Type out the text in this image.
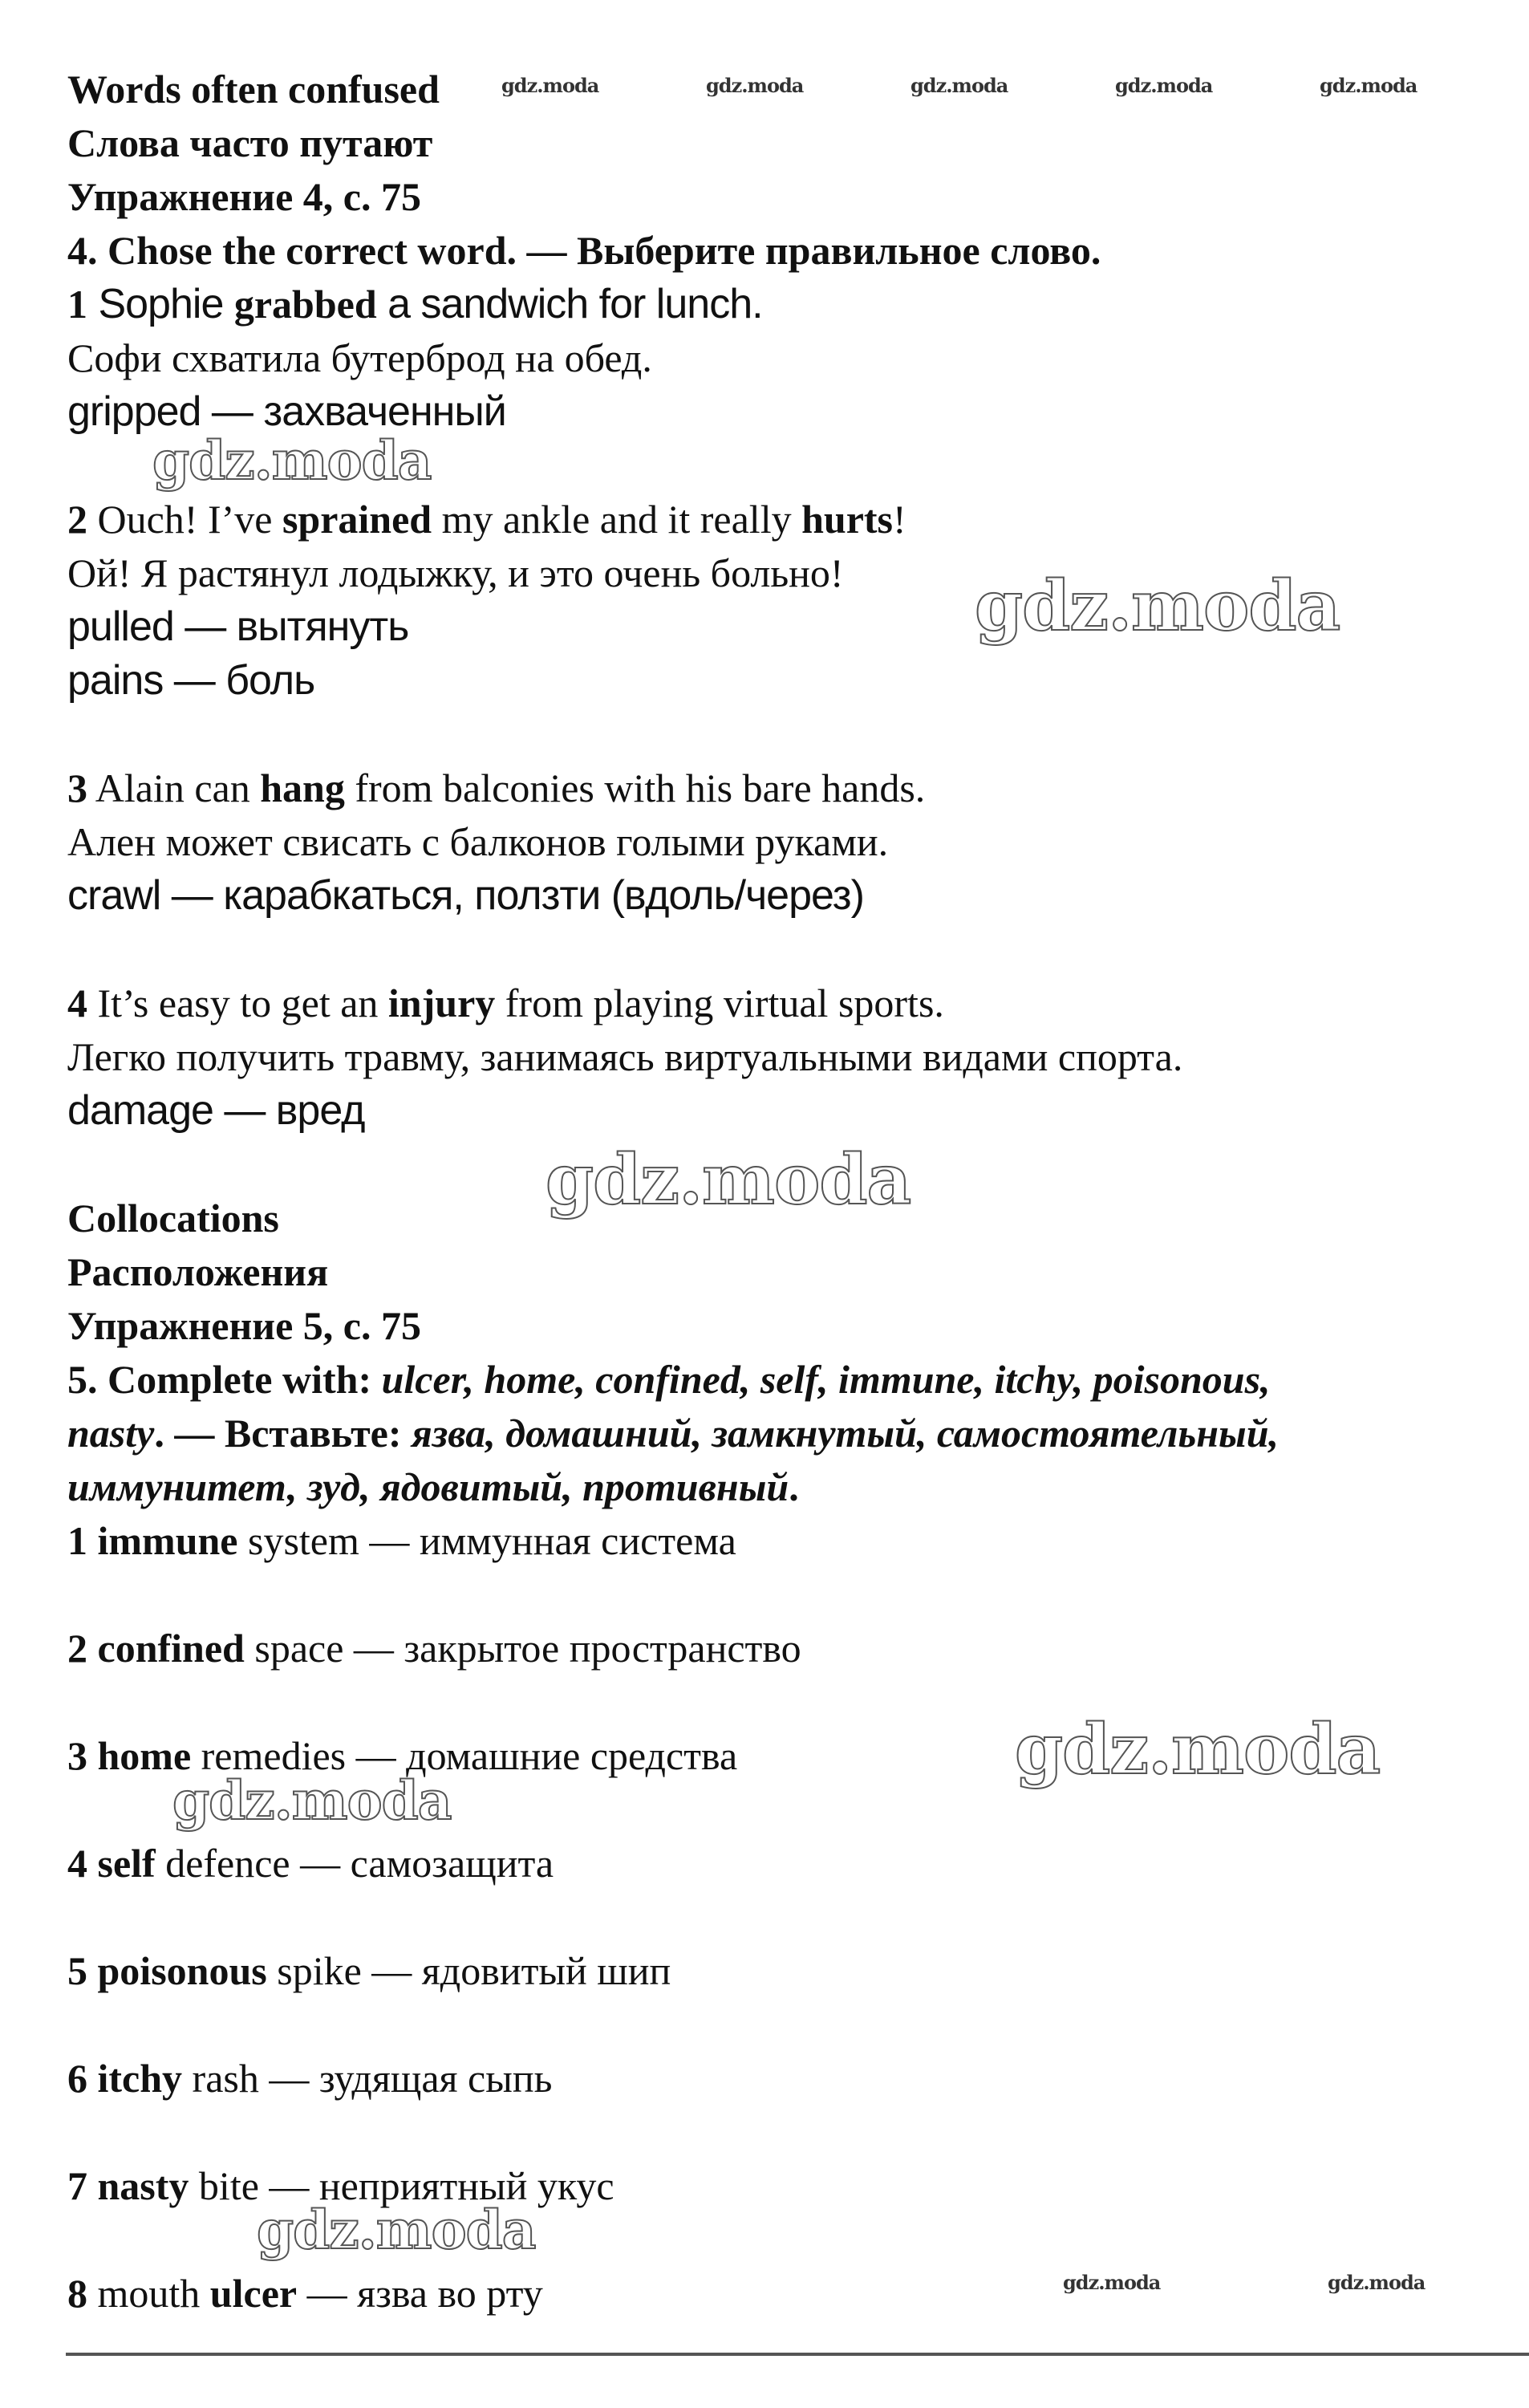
gdz.moda	gdz.moda	gdz.moda	gdz.moda	gdz.moda
gdz.moda
gdz.moda
gdz.moda
gdz.moda
gdz.moda
gdz.moda
gdz.moda	gdz.moda
Words often confused
Слова часто путают
Упражнение 4, с. 75
4. Chose the correct word. — Выберите правильное слово.
1 Sophie grabbed a sandwich for lunch.
Софи схватила бутерброд на обед.
gripped — захваченный
2 Ouch! I’ve sprained my ankle and it really hurts!
Ой! Я растянул лодыжку, и это очень больно!
pulled — вытянуть
pains — боль
3 Alain can hang from balconies with his bare hands.
Ален может свисать с балконов голыми руками.
crawl — карабкаться, ползти (вдоль/через)
4 It’s easy to get an injury from playing virtual sports.
Легко получить травму, занимаясь виртуальными видами спорта.
damage — вред
Collocations
Расположения
Упражнение 5, с. 75
5. Complete with: ulcer, home, confined, self, immune, itchy, poisonous,
nasty. — Вставьте: язва, домашний, замкнутый, самостоятельный,
иммунитет, зуд, ядовитый, противный.
1 immune system — иммунная система
2 confined space — закрытое пространство
3 home remedies — домашние средства
4 self defence — самозащита
5 poisonous spike — ядовитый шип
6 itchy rash — зудящая сыпь
7 nasty bite — неприятный укус
8 mouth ulcer — язва во рту
